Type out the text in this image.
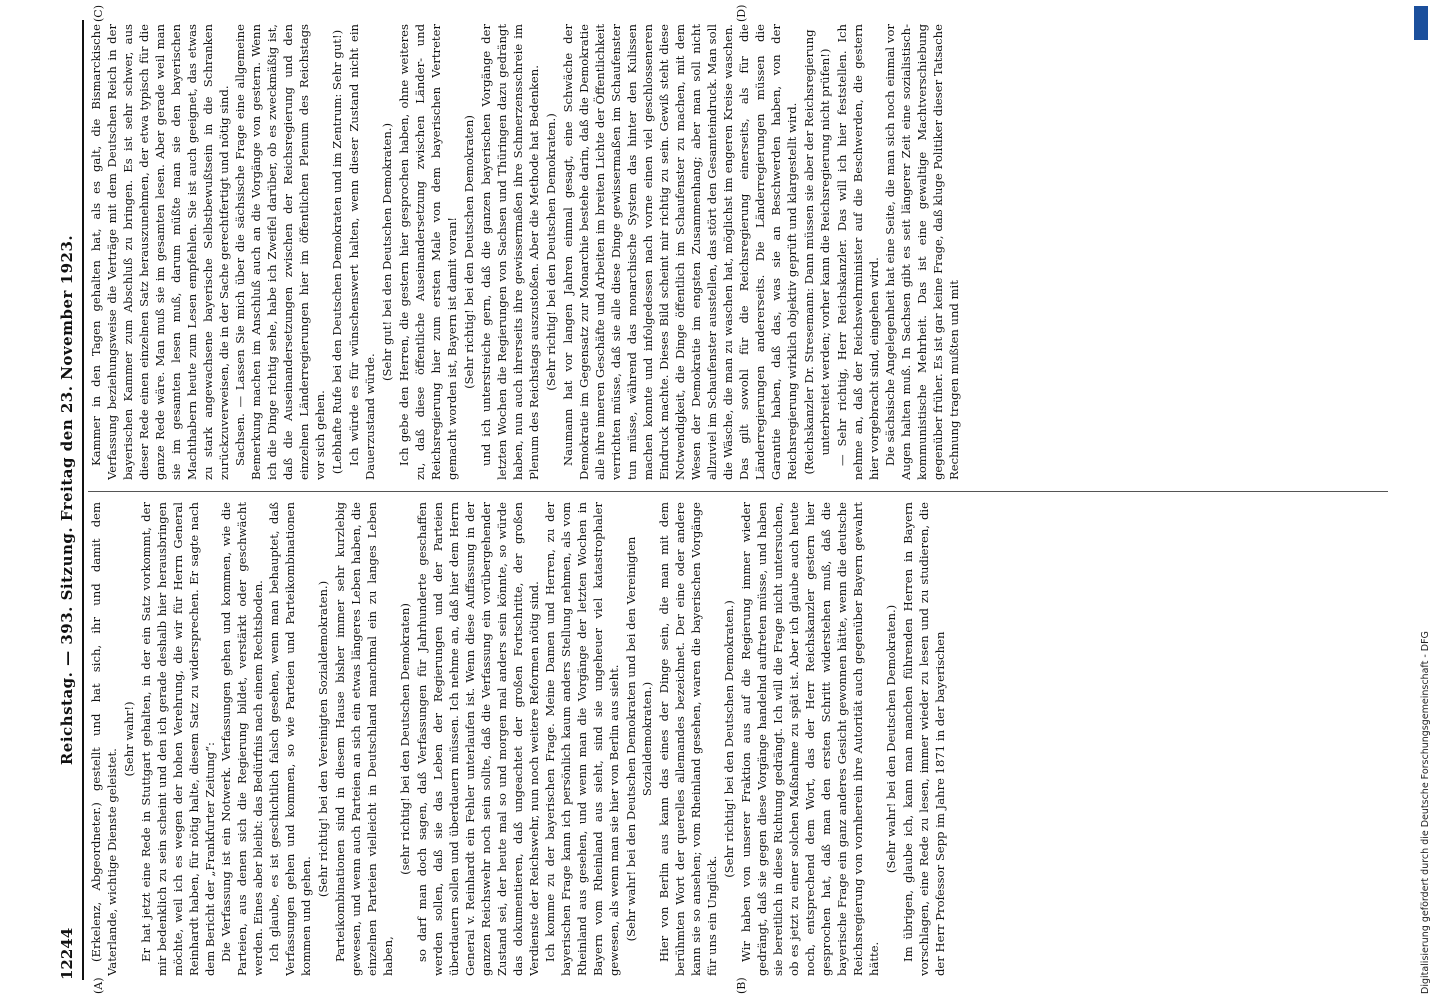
12244
Reichstag. — 393. Sitzung. Freitag den 23. November 1923.
(A)	(B)
(C)	(D)

(Erkelenz, Abgeordneter.) gestellt und hat sich, ihr und damit dem Vaterlande, wichtige Dienste geleistet.

(Sehr wahr!) Er hat jetzt eine Rede in Stuttgart gehalten, in der ein Satz vorkommt, der mir bedenklich zu sein scheint und den ich gerade deshalb hier herausbringen möchte, weil ich es wegen der hohen Verehrung, die wir für Herrn General Reinhardt haben, für nötig halte, diesem Satz zu widersprechen. Er sagte nach dem Bericht der „Frankfurter Zeitung“: Die Verfassung ist ein Notwerk. Verfassungen gehen und kommen, wie die Parteien, aus denen sich die Regierung bildet, verstärkt oder geschwächt werden. Eines aber bleibt: das Bedürfnis nach einem Rechtsboden. Ich glaube, es ist geschichtlich falsch gesehen, wenn man behauptet, daß Verfassungen gehen und kommen, so wie Parteien und Parteikombinationen kommen und gehen.

(Sehr richtig! bei den Vereinigten Sozialdemokraten.) Parteikombinationen sind in diesem Hause bisher immer sehr kurzlebig gewesen, und wenn auch Parteien an sich ein etwas längeres Leben haben, die einzelnen Parteien vielleicht in Deutschland manchmal ein zu langes Leben haben,

(sehr richtig! bei den Deutschen Demokraten) so darf man doch sagen, daß Verfassungen für Jahrhunderte geschaffen werden sollen, daß sie das Leben der Regierungen und der Parteien überdauern sollen und überdauern müssen. Ich nehme an, daß hier dem Herrn General v. Reinhardt ein Fehler unterlaufen ist. Wenn diese Auffassung in der ganzen Reichswehr noch sein sollte, daß die Verfassung ein vorübergehender Zustand sei, der heute mal so und morgen mal anders sein könnte, so würde das dokumentieren, daß ungeachtet der großen Fortschritte, der großen Verdienste der Reichswehr, nun noch weitere Reformen nötig sind. Ich komme zu der bayerischen Frage. Meine Damen und Herren, zu der bayerischen Frage kann ich persönlich kaum anders Stellung nehmen, als vom Rheinland aus gesehen, und wenn man die Vorgänge der letzten Wochen in Bayern vom Rheinland aus sieht, sind sie ungeheuer viel katastrophaler gewesen, als wenn man sie hier von Berlin aus sieht. (Sehr wahr! bei den Deutschen Demokraten und bei den Vereinigten Sozialdemokraten.) Hier von Berlin aus kann das eines der Dinge sein, die man mit dem berühmten Wort der querelles allemandes bezeichnet. Der eine oder andere kann sie so ansehen; vom Rheinland gesehen, waren die bayerischen Vorgänge für uns ein Unglück.

(Sehr richtig! bei den Deutschen Demokraten.) Wir haben von unserer Fraktion aus auf die Regierung immer wieder gedrängt, daß sie gegen diese Vorgänge handelnd auftreten müsse, und haben sie bereitlich in diese Richtung gedrängt. Ich will die Frage nicht untersuchen, ob es jetzt zu einer solchen Maßnahme zu spät ist. Aber ich glaube auch heute noch, entsprechend dem Wort, das der Herr Reichskanzler gestern hier gesprochen hat, daß man den ersten Schritt widerstehen muß, daß die bayerische Frage ein ganz anderes Gesicht gewonnen hätte, wenn die deutsche Reichsregierung von vornherein ihre Autorität auch gegenüber Bayern gewahrt hätte.

(Sehr wahr! bei den Deutschen Demokraten.) Im übrigen, glaube ich, kann man manchen führenden Herren in Bayern vorschlagen, eine Rede zu lesen, immer wieder zu lesen und zu studieren, die der Herr Professor Sepp im Jahre 1871 in der bayerischen

Kammer in den Tagen gehalten hat, als es galt, die Bismarckische Verfassung beziehungsweise die Verträge mit dem Deutschen Reich in der bayerischen Kammer zum Abschluß zu bringen. Es ist sehr schwer, aus dieser Rede einen einzelnen Satz herauszunehmen, der etwa typisch für die ganze Rede wäre. Man muß sie im gesamten lesen. Aber gerade weil man sie im gesamten lesen muß, darum müßte man sie den bayerischen Machthabern heute zum Lesen empfehlen. Sie ist auch geeignet, das etwas zu stark angewachsene bayerische Selbstbewußtsein in die Schranken zurückzuverweisen, die in der Sache gerechtfertigt und nötig sind. Sachsen. — Lassen Sie mich über die sächsische Frage eine allgemeine Bemerkung machen im Anschluß auch an die Vorgänge von gestern. Wenn ich die Dinge richtig sehe, habe ich Zweifel darüber, ob es zweckmäßig ist, daß die Auseinandersetzungen zwischen der Reichsregierung und den einzelnen Länderregierungen hier im öffentlichen Plenum des Reichstags vor sich gehen. (Lebhafte Rufe bei den Deutschen Demokraten und im Zentrum: Sehr gut!) Ich würde es für wünschenswert halten, wenn dieser Zustand nicht ein Dauerzustand würde.

(Sehr gut! bei den Deutschen Demokraten.) Ich gebe den Herren, die gestern hier gesprochen haben, ohne weiteres zu, daß diese öffentliche Auseinandersetzung zwischen Länder- und Reichsregierung hier zum ersten Male von dem bayerischen Vertreter gemacht worden ist, Bayern ist damit voran! (Sehr richtig! bei den Deutschen Demokraten) und ich unterstreiche gern, daß die ganzen bayerischen Vorgänge der letzten Wochen die Regierungen von Sachsen und Thüringen dazu gedrängt haben, nun auch ihrerseits ihre gewissermaßen ihre Schmerzensschreie im Plenum des Reichstags auszustoßen. Aber die Methode hat Bedenken. (Sehr richtig! bei den Deutschen Demokraten.) Naumann hat vor langen Jahren einmal gesagt, eine Schwäche der Demokratie im Gegensatz zur Monarchie bestehe darin, daß die Demokratie alle ihre inneren Geschäfte und Arbeiten im breiten Lichte der Öffentlichkeit verrichten müsse, daß sie alle diese Dinge gewissermaßen im Schaufenster tun müsse, während das monarchische System das hinter den Kulissen machen konnte und infolgedessen nach vorne einen viel geschlosseneren Eindruck machte. Dieses Bild scheint mir richtig zu sein. Gewiß steht diese Notwendigkeit, die Dinge öffentlich im Schaufenster zu machen, mit dem Wesen der Demokratie im engsten Zusammenhang; aber man soll nicht allzuviel im Schaufenster ausstellen, das stört den Gesamteindruck. Man soll die Wäsche, die man zu waschen hat, möglichst im engeren Kreise waschen. Das gilt sowohl für die Reichsregierung einerseits, als für die Länderregierungen andererseits. Die Länderregierungen müssen die Garantie haben, daß das, was sie an Beschwerden haben, von der Reichsregierung wirklich objektiv geprüft und klargestellt wird. (Reichskanzler Dr. Stresemann: Dann müssen sie aber der Reichsregierung unterbreitet werden; vorher kann die Reichsregierung nicht prüfen!) — Sehr richtig, Herr Reichskanzler. Das will ich hier feststellen. Ich nehme an, daß der Reichswehrminister auf die Beschwerden, die gestern hier vorgebracht sind, eingehen wird. Die sächsische Angelegenheit hat eine Seite, die man sich noch einmal vor Augen halten muß. In Sachsen gibt es seit längerer Zeit eine sozialistisch-kommunistische Mehrheit. Das ist eine gewaltige Machtverschiebung gegenüber früher. Es ist gar keine Frage, daß kluge Politiker dieser Tatsache Rechnung tragen mußten und mit

Digitalisierung gefördert durch die Deutsche Forschungsgemeinschaft - DFG
